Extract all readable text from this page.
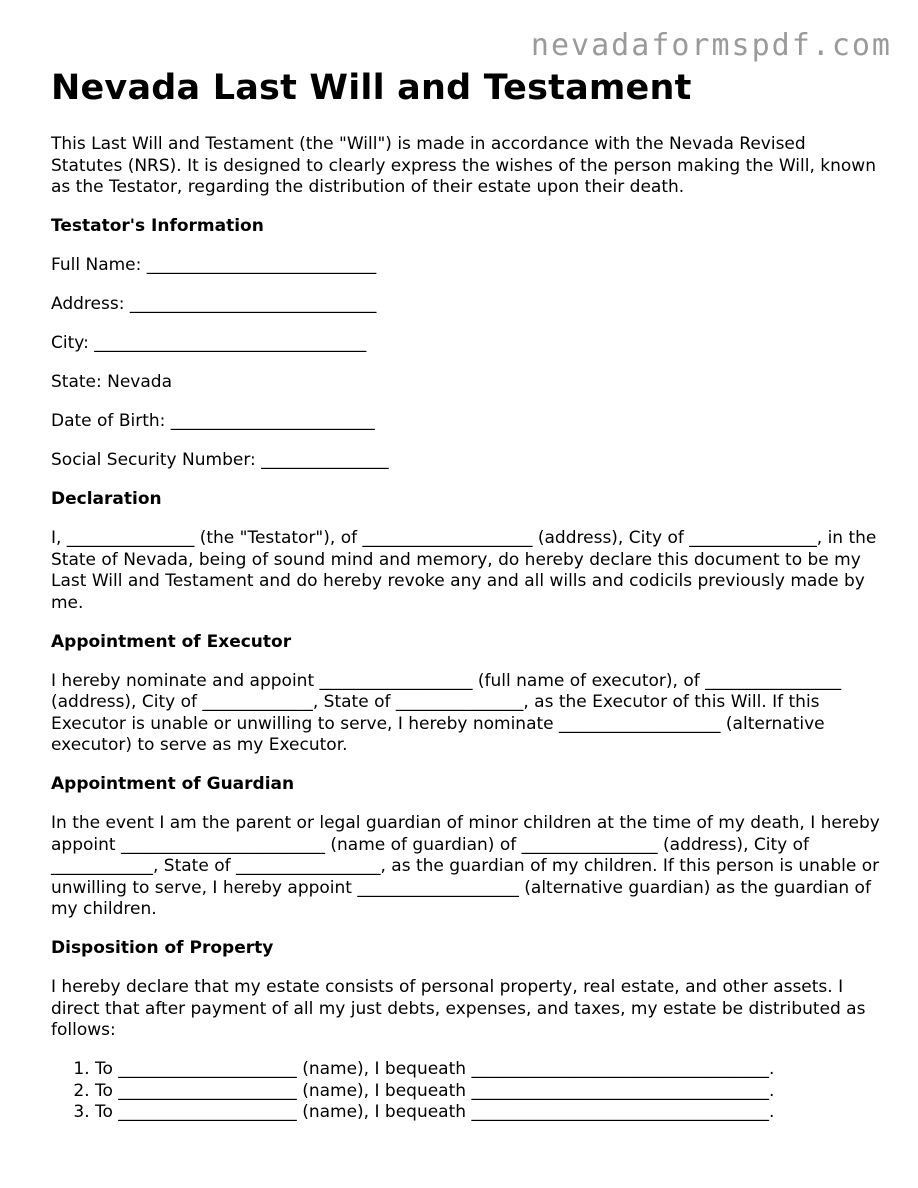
nevadaformspdf.com
Nevada Last Will and Testament

This Last Will and Testament (the "Will") is made in accordance with the Nevada Revised Statutes (NRS). It is designed to clearly express the wishes of the person making the Will, known as the Testator, regarding the distribution of their estate upon their death.

Testator's Information
Full Name: ___________________________
Address: _____________________________
City: ________________________________
State: Nevada
Date of Birth: ________________________
Social Security Number: _______________
Declaration

I, _______________ (the "Testator"), of ____________________ (address), City of _______________, in the State of Nevada, being of sound mind and memory, do hereby declare this document to be my Last Will and Testament and do hereby revoke any and all wills and codicils previously made by me.

Appointment of Executor

I hereby nominate and appoint __________________ (full name of executor), of ________________ (address), City of _____________, State of _______________, as the Executor of this Will. If this Executor is unable or unwilling to serve, I hereby nominate ___________________ (alternative executor) to serve as my Executor.

Appointment of Guardian

In the event I am the parent or legal guardian of minor children at the time of my death, I hereby appoint ________________________ (name of guardian) of ________________ (address), City of ____________, State of _________________, as the guardian of my children. If this person is unable or unwilling to serve, I hereby appoint ___________________ (alternative guardian) as the guardian of my children.

Disposition of Property

I hereby declare that my estate consists of personal property, real estate, and other assets. I direct that after payment of all my just debts, expenses, and taxes, my estate be distributed as follows:

1. To _____________________ (name), I bequeath ___________________________________.
2. To _____________________ (name), I bequeath ___________________________________.
3. To _____________________ (name), I bequeath ___________________________________.
